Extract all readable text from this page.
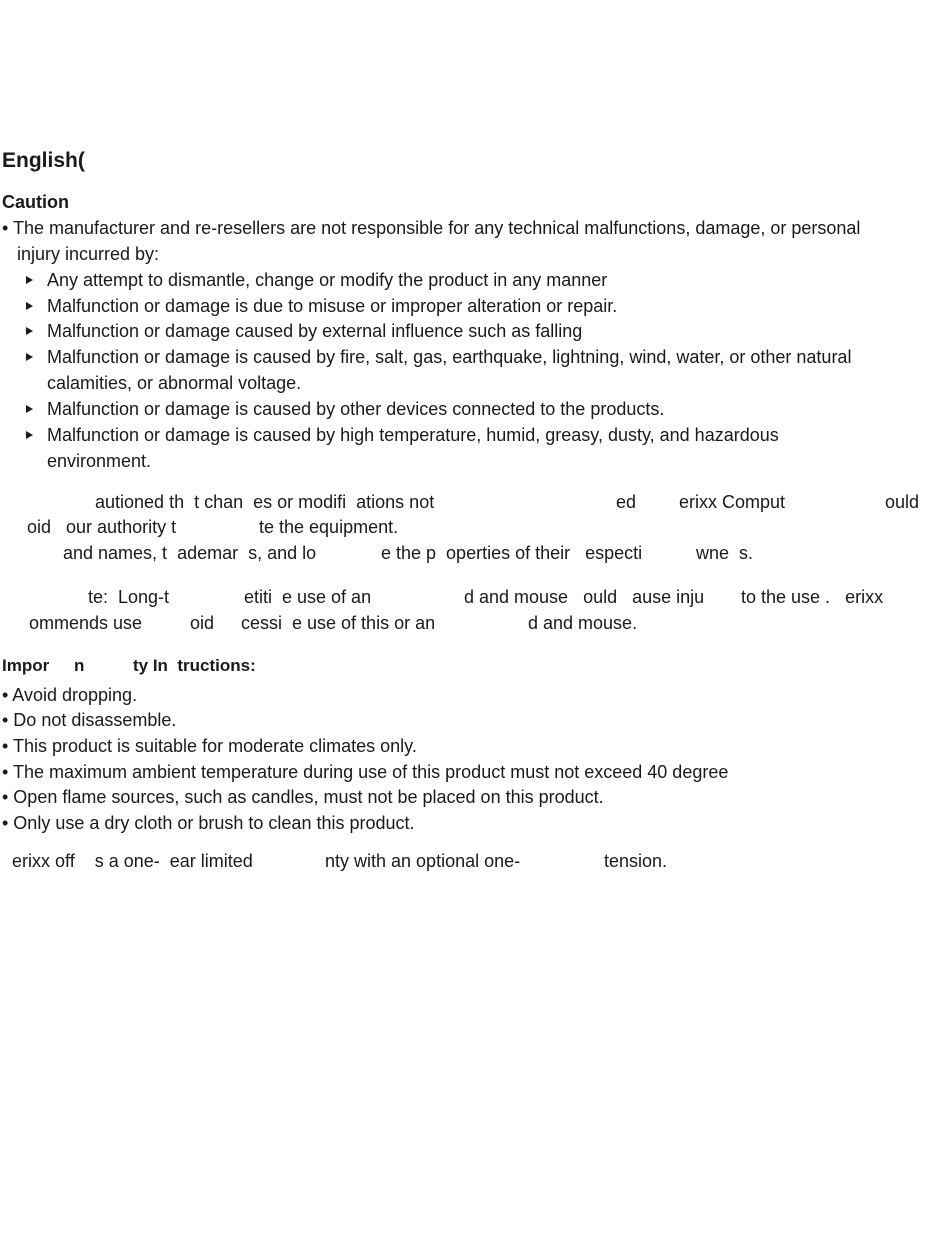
English(
Caution
• The manufacturer and re-resellers are not responsible for any technical malfunctions, damage, or personal
injury incurred by:
Any attempt to dismantle, change or modify the product in any manner
Malfunction or damage is due to misuse or improper alteration or repair.
Malfunction or damage caused by external influence such as falling
Malfunction or damage is caused by fire, salt, gas, earthquake, lightning, wind, water, or other natural
calamities, or abnormal voltage.
Malfunction or damage is caused by other devices connected to the products.
Malfunction or damage is caused by high temperature, humid, greasy, dusty, and hazardous
environment.
autioned th  t chan  es or modifi  ations not	ed erixx Comput	ould
oid   our authority t	te the equipment.
and names, t  ademar  s, and lo	e the p  operties of their   especti	wne  s.
te:  Long-t	etiti  e use of an	d and mouse   ould   ause inju to the use .   erixx
ommends use	oid cessi  e use of this or an	d and mouse.
Impor n	ty In  tructions:
• Avoid dropping.
• Do not disassemble.
• This product is suitable for moderate climates only.
• The maximum ambient temperature during use of this product must not exceed 40 degree
• Open flame sources, such as candles, must not be placed on this product.
• Only use a dry cloth or brush to clean this product.
erixx off    s a one-  ear limited	nty with an optional one-	tension.
